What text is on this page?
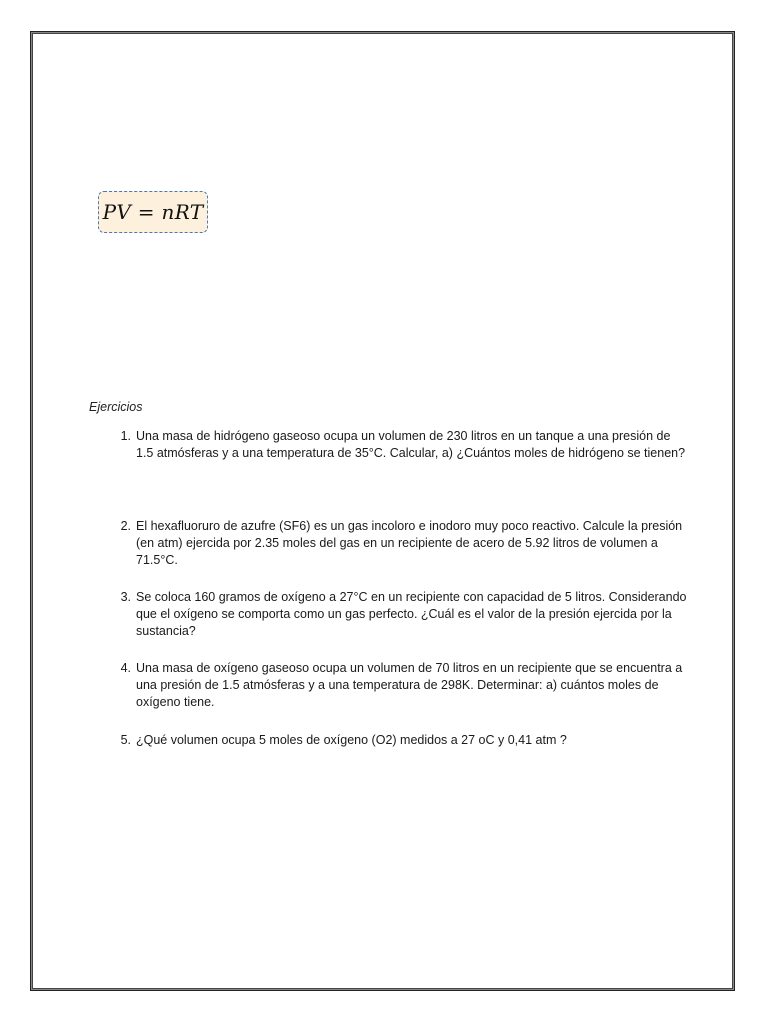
PV = nRT
Ejercicios
1. Una masa de hidrógeno gaseoso ocupa un volumen de 230 litros en un tanque a una presión de 1.5 atmósferas y a una temperatura de 35°C. Calcular, a) ¿Cuántos moles de hidrógeno se tienen?
2. El hexafluoruro de azufre (SF6) es un gas incoloro e inodoro muy poco reactivo. Calcule la presión (en atm) ejercida por 2.35 moles del gas en un recipiente de acero de 5.92 litros de volumen a 71.5°C.
3. Se coloca 160 gramos de oxígeno a 27°C en un recipiente con capacidad de 5 litros. Considerando que el oxígeno se comporta como un gas perfecto. ¿Cuál es el valor de la presión ejercida por la sustancia?
4. Una masa de oxígeno gaseoso ocupa un volumen de 70 litros en un recipiente que se encuentra a una presión de 1.5 atmósferas y a una temperatura de 298K. Determinar: a) cuántos moles de oxígeno tiene.
5. ¿Qué volumen ocupa 5 moles de oxígeno (O2) medidos a 27 oC y 0,41 atm ?
